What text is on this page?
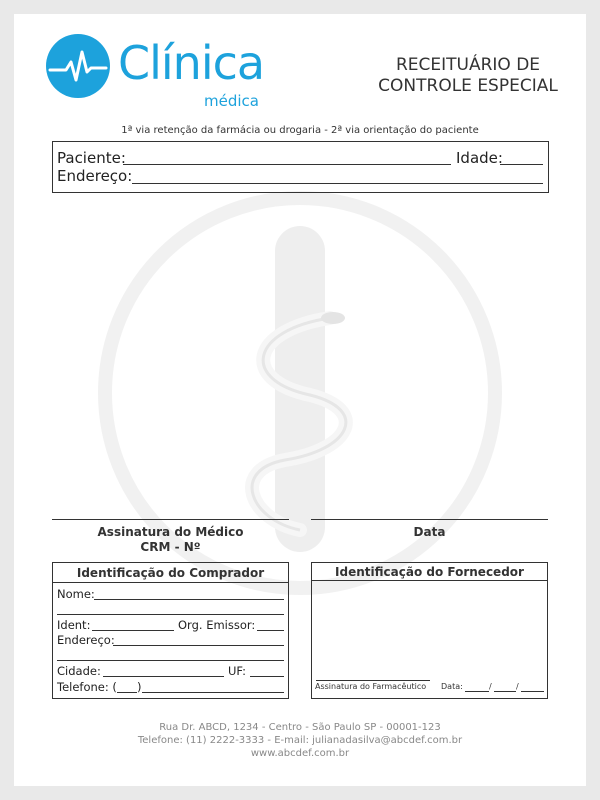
Clínica
médica
RECEITUÁRIO DE
CONTROLE ESPECIAL
1ª via retenção da farmácia ou drogaria - 2ª via orientação do paciente
Paciente:	Idade:
Endereço:
Assinatura do Médico
CRM - Nº
Data
Identificação do Comprador
Nome:
Ident:	Org. Emissor:
Endereço:
Cidade:	UF:
Telefone: ( )
Identificação do Fornecedor
Assinatura do Farmacêutico Data:	/	/
Rua Dr. ABCD, 1234 - Centro - São Paulo SP - 00001-123
Telefone: (11) 2222-3333 - E-mail: julianadasilva@abcdef.com.br
www.abcdef.com.br
